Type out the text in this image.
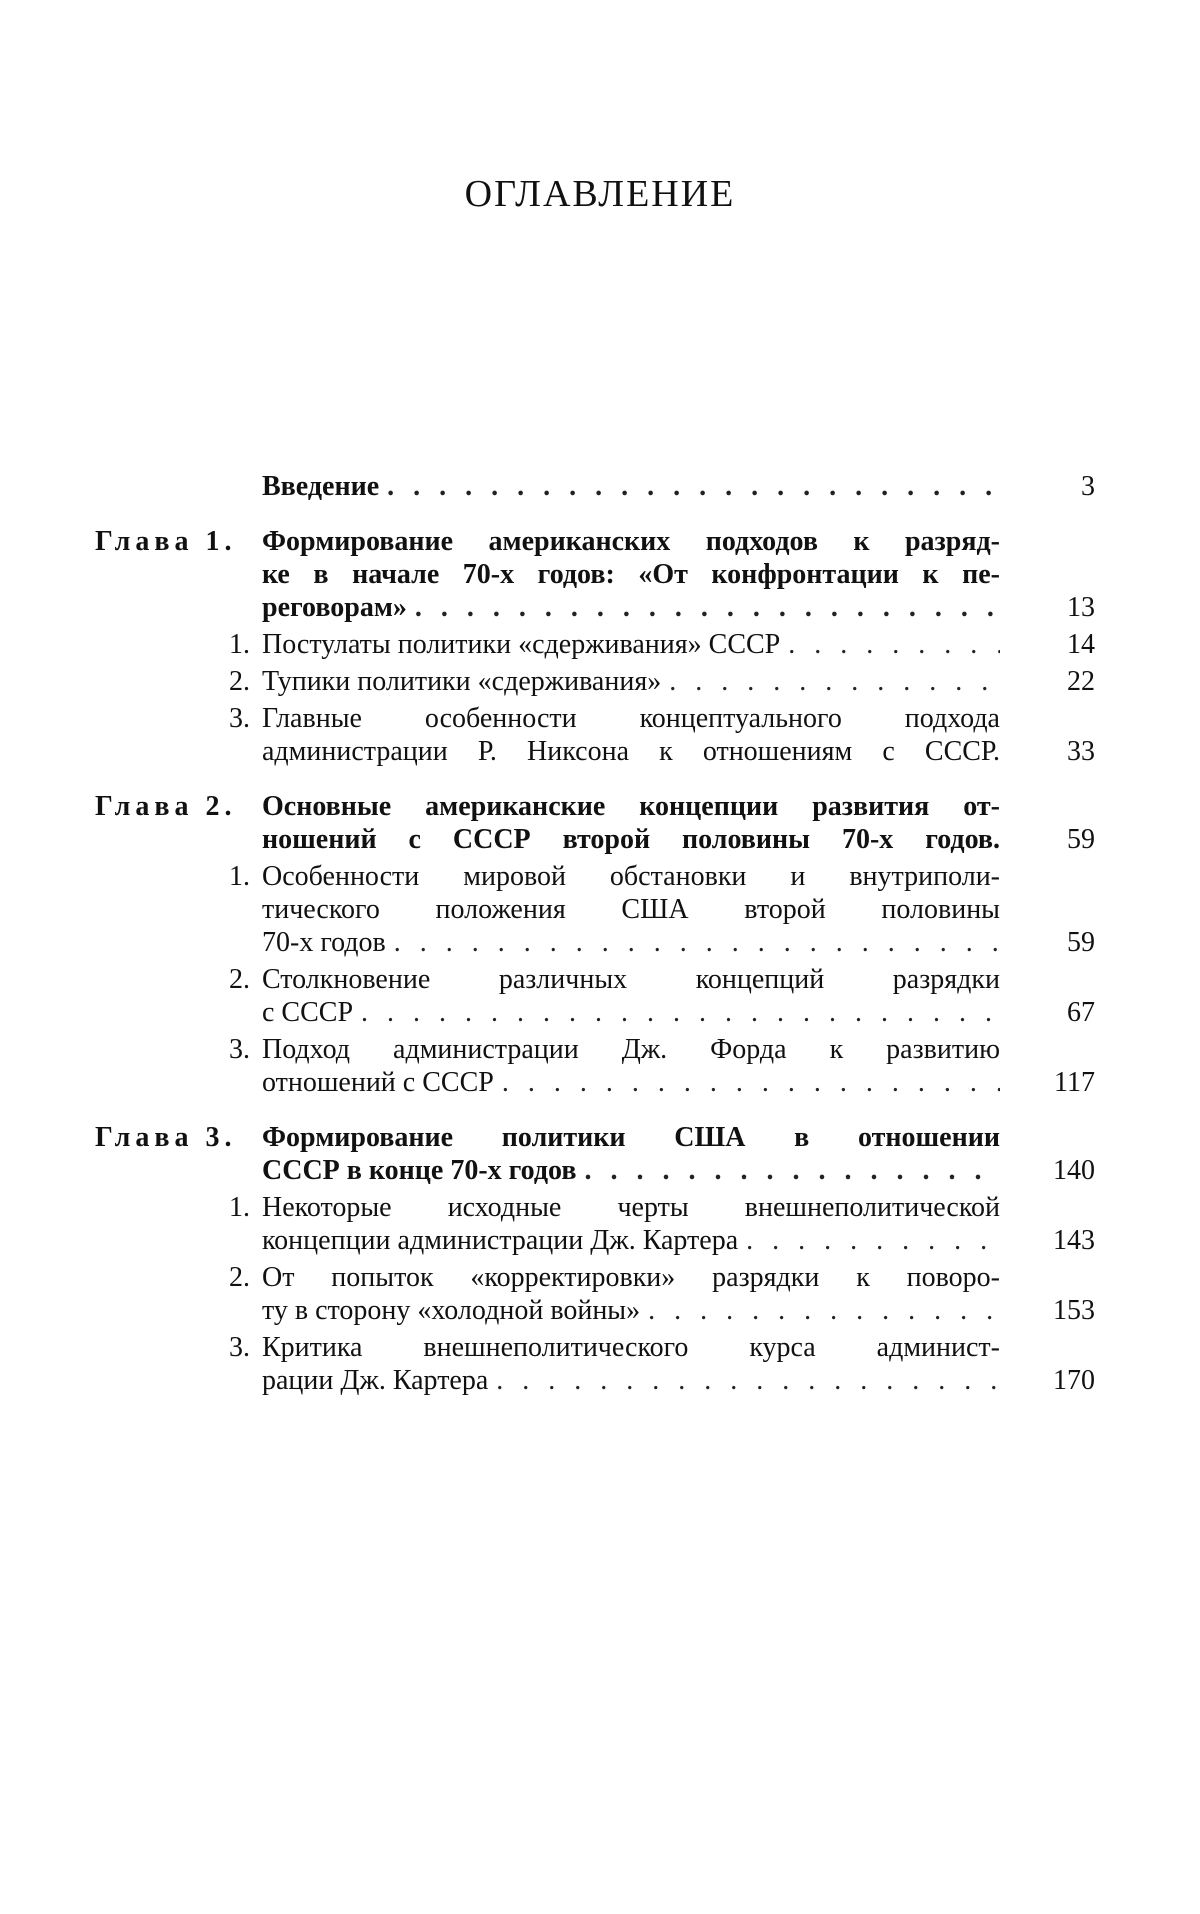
ОГЛАВЛЕНИЕ
Введение . . .	3
Глава 1. Формирование американских подходов к разряд-
ке в начале 70-х годов: «От конфронтации к пе-
реговорам» . . .	13
1. Постулаты политики «сдерживания» СССР . . .	14
2. Тупики политики «сдерживания» . . .	22
3. Главные особенности концептуального подхода
администрации Р. Никсона к отношениям с СССР.	33
Глава 2. Основные американские концепции развития от-
ношений с СССР второй половины 70-х годов.	59
1. Особенности мировой обстановки и внутриполи-
тического положения США второй половины
70-х годов . . .	59
2. Столкновение различных концепций разрядки
с СССР . . .	67
3. Подход администрации Дж. Форда к развитию
отношений с СССР . . .	117
Глава 3. Формирование политики США в отношении
СССР в конце 70-х годов . . .	140
1. Некоторые исходные черты внешнеполитической
концепции администрации Дж. Картера . . .	143
2. От попыток «корректировки» разрядки к поворо-
ту в сторону «холодной войны» . . .	153
3. Критика внешнеполитического курса админист-
рации Дж. Картера . . .	170
